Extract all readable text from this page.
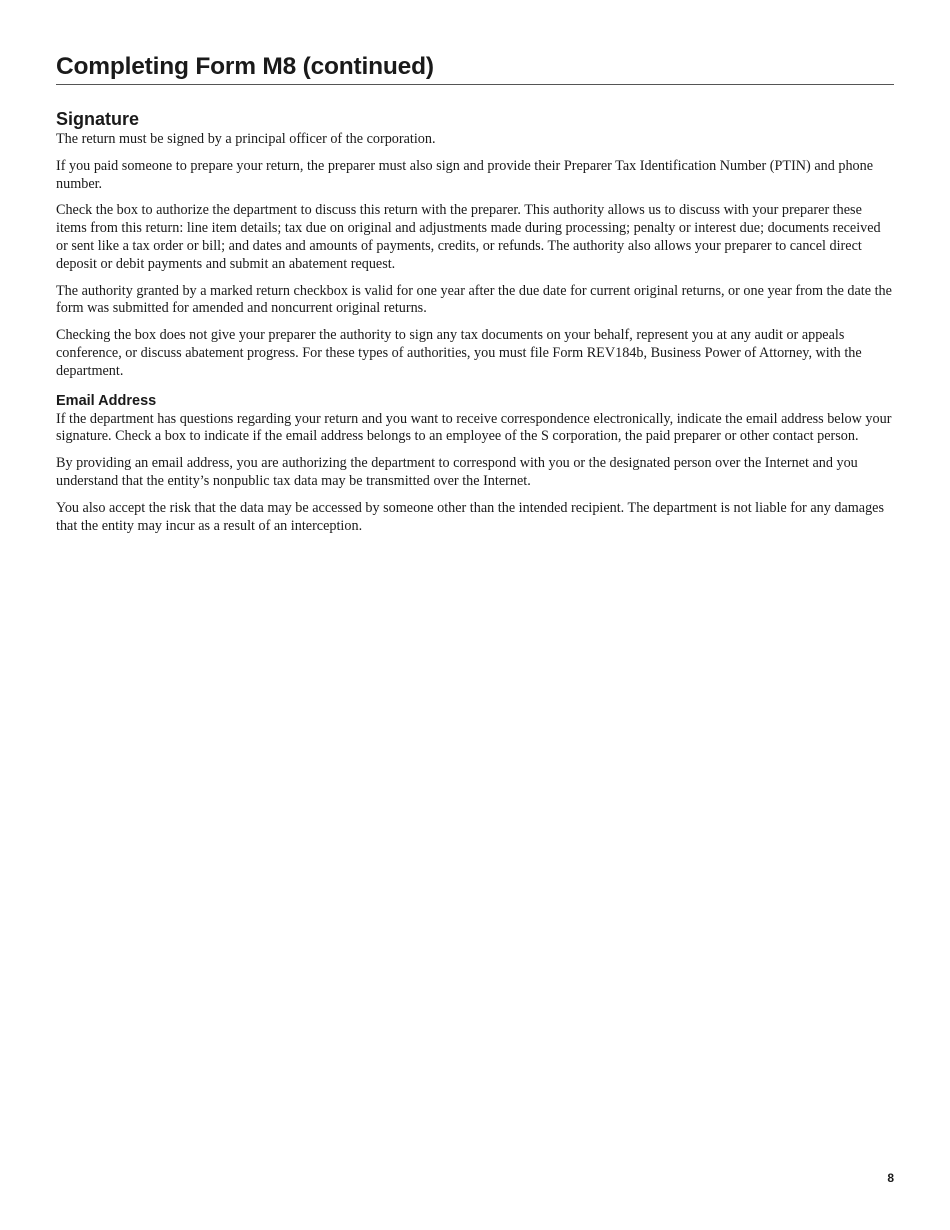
Completing Form M8 (continued)
Signature

The return must be signed by a principal officer of the corporation.

If you paid someone to prepare your return, the preparer must also sign and provide their Preparer Tax Identification Number (PTIN) and phone number.

Check the box to authorize the department to discuss this return with the preparer. This authority allows us to discuss with your preparer these items from this return: line item details; tax due on original and adjustments made during processing; penalty or interest due; documents received or sent like a tax order or bill; and dates and amounts of payments, credits, or refunds. The authority also allows your preparer to cancel direct deposit or debit payments and submit an abatement request.

The authority granted by a marked return checkbox is valid for one year after the due date for current original returns, or one year from the date the form was submitted for amended and noncurrent original returns.

Checking the box does not give your preparer the authority to sign any tax documents on your behalf, represent you at any audit or appeals conference, or discuss abatement progress. For these types of authorities, you must file Form REV184b, Business Power of Attorney, with the department.

Email Address

If the department has questions regarding your return and you want to receive correspondence electronically, indicate the email address below your signature. Check a box to indicate if the email address belongs to an employee of the S corporation, the paid preparer or other contact person.

By providing an email address, you are authorizing the department to correspond with you or the designated person over the Internet and you understand that the entity’s nonpublic tax data may be transmitted over the Internet.

You also accept the risk that the data may be accessed by someone other than the intended recipient. The department is not liable for any damages that the entity may incur as a result of an interception.

8
